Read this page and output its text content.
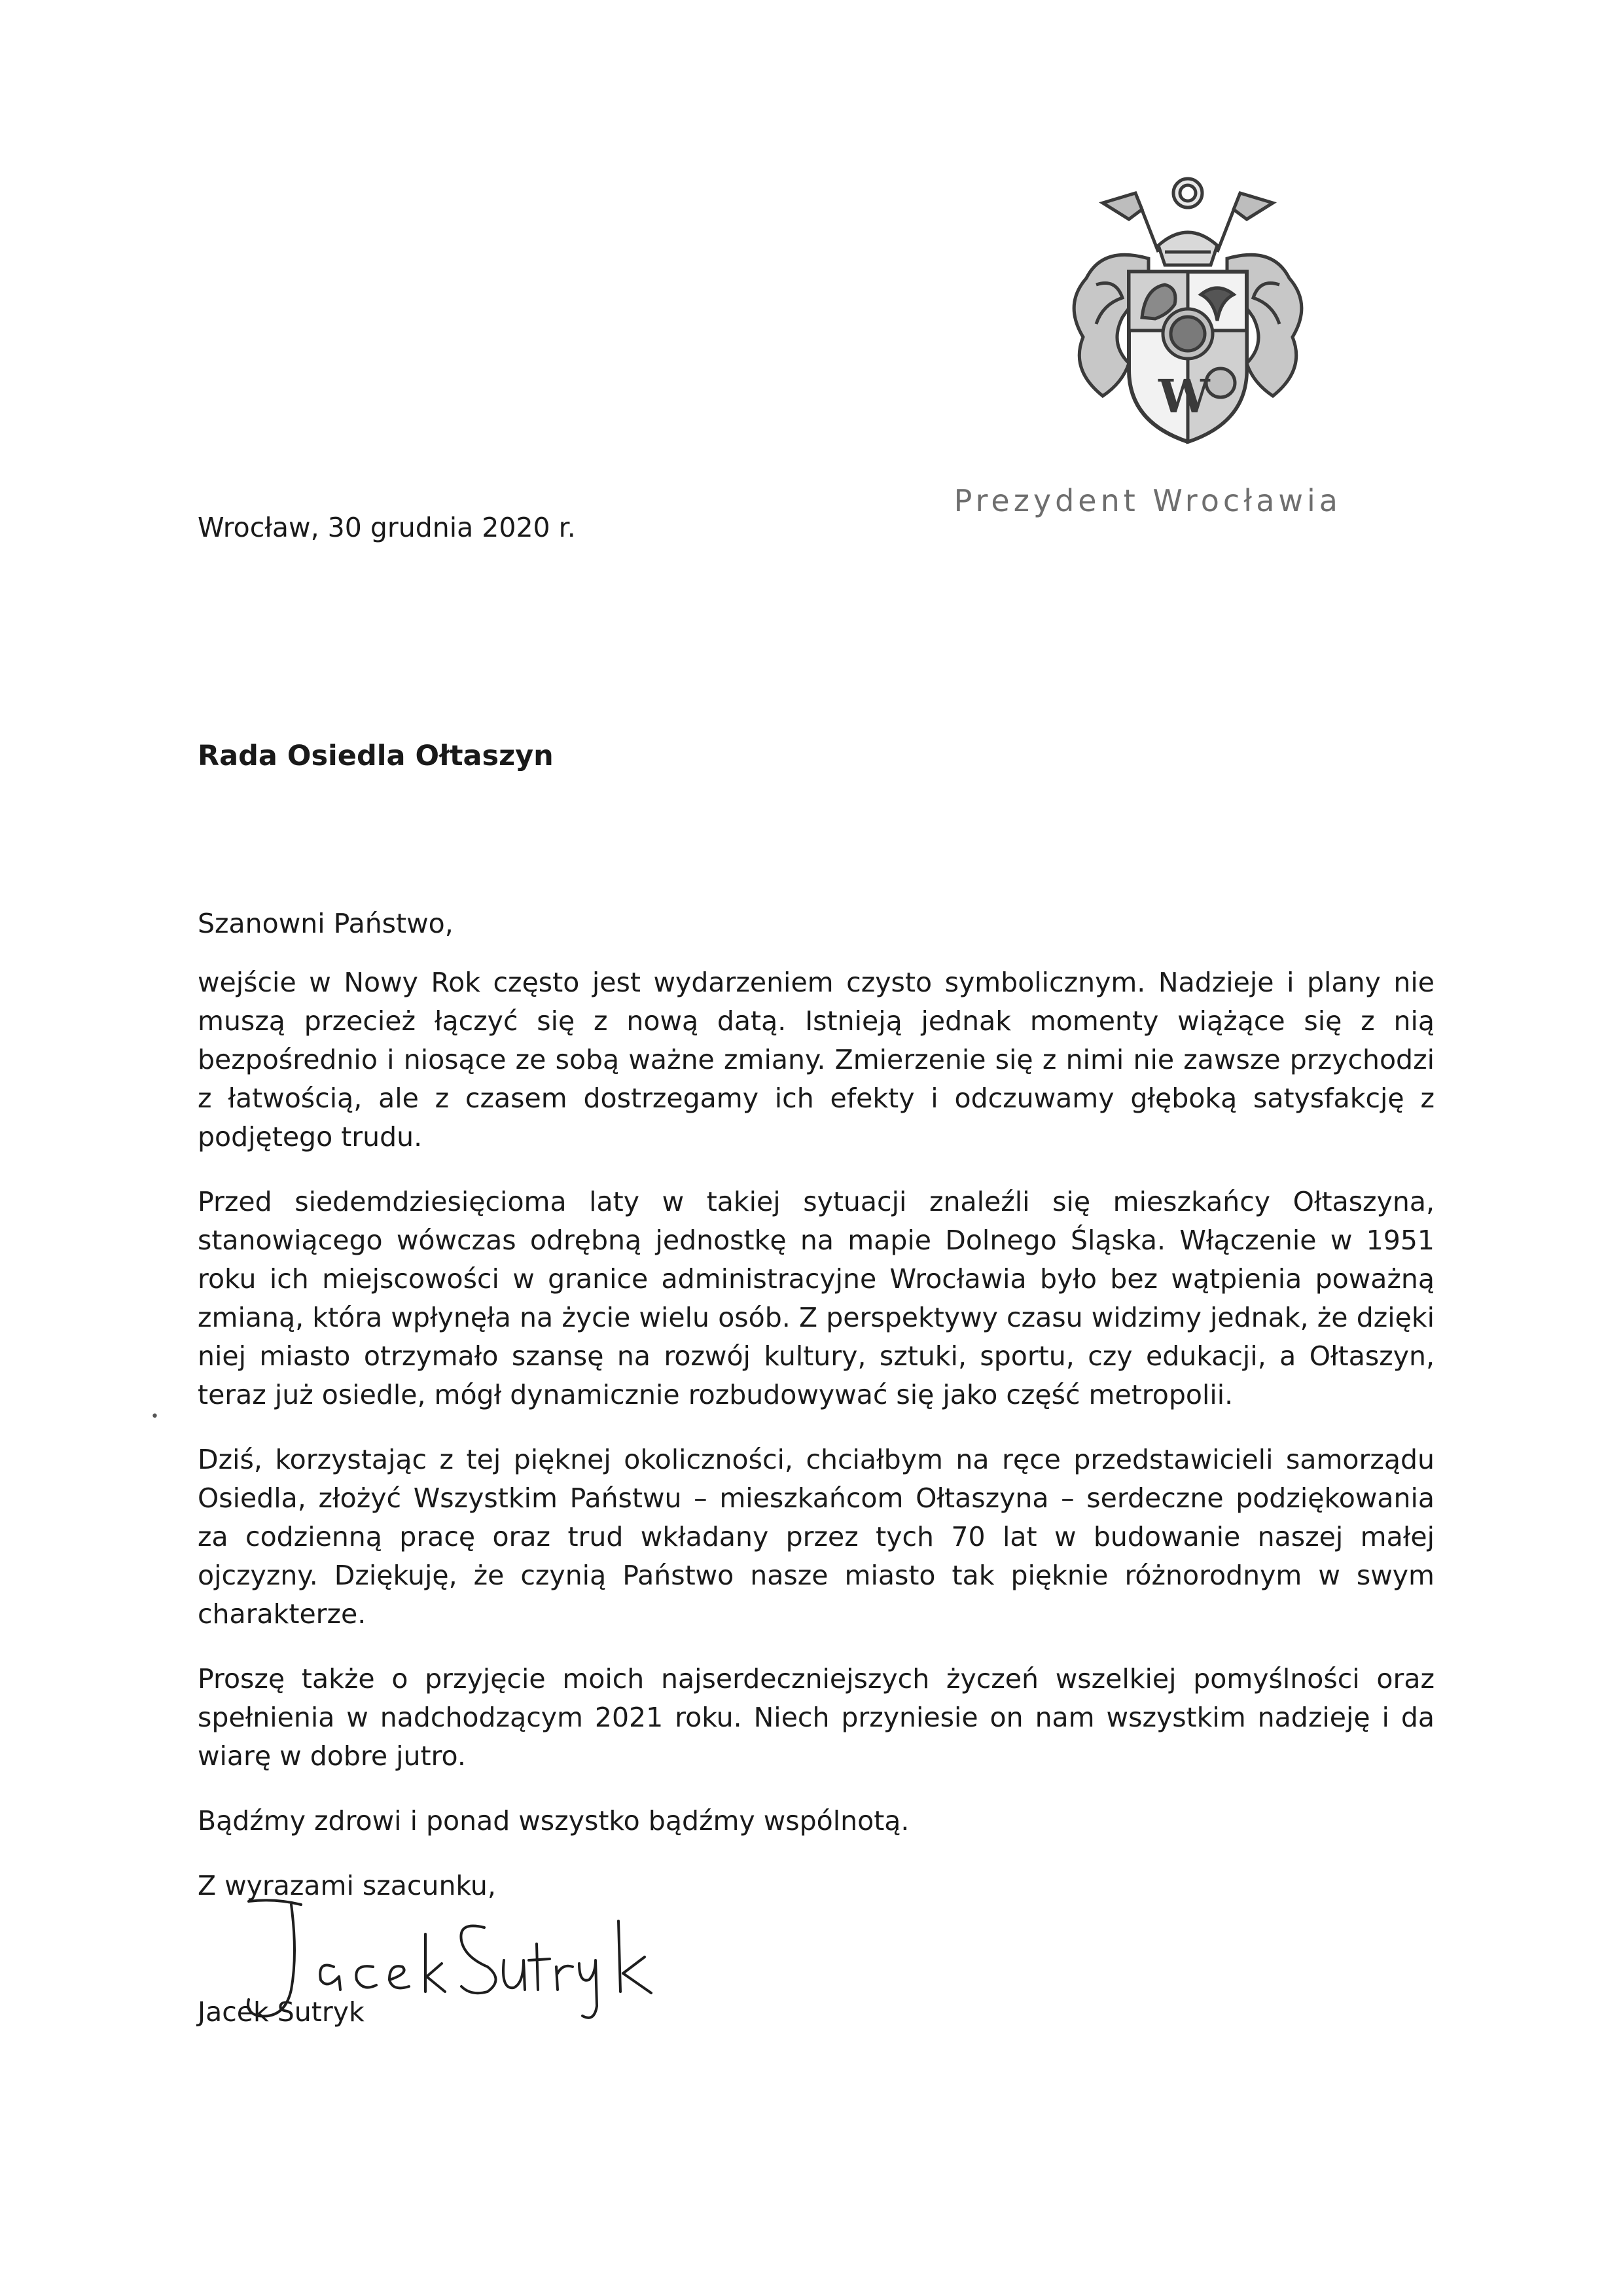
W
Prezydent Wrocławia
Wrocław, 30 grudnia 2020 r.
Rada Osiedla Ołtaszyn
Szanowni Państwo,

wejście w Nowy Rok często jest wydarzeniem czysto symbolicznym. Nadzieje i plany nie muszą przecież łączyć się z nową datą. Istnieją jednak momenty wiążące się z nią bezpośrednio i niosące ze sobą ważne zmiany. Zmierzenie się z nimi nie zawsze przychodzi z łatwością, ale z czasem dostrzegamy ich efekty i odczuwamy głęboką satysfakcję z podjętego trudu.

Przed siedemdziesięcioma laty w takiej sytuacji znaleźli się mieszkańcy Ołtaszyna, stanowiącego wówczas odrębną jednostkę na mapie Dolnego Śląska. Włączenie w 1951 roku ich miejscowości w granice administracyjne Wrocławia było bez wątpienia poważną zmianą, która wpłynęła na życie wielu osób. Z perspektywy czasu widzimy jednak, że dzięki niej miasto otrzymało szansę na rozwój kultury, sztuki, sportu, czy edukacji, a Ołtaszyn, teraz już osiedle, mógł dynamicznie rozbudowywać się jako część metropolii.

Dziś, korzystając z tej pięknej okoliczności, chciałbym na ręce przedstawicieli samorządu Osiedla, złożyć Wszystkim Państwu – mieszkańcom Ołtaszyna – serdeczne podziękowania za codzienną pracę oraz trud wkładany przez tych 70 lat w budowanie naszej małej ojczyzny. Dziękuję, że czynią Państwo nasze miasto tak pięknie różnorodnym w swym charakterze.

Proszę także o przyjęcie moich najserdeczniejszych życzeń wszelkiej pomyślności oraz spełnienia w nadchodzącym 2021 roku. Niech przyniesie on nam wszystkim nadzieję i da wiarę w dobre jutro.

Bądźmy zdrowi i ponad wszystko bądźmy wspólnotą.

Z wyrazami szacunku,

Jacek Sutryk
•
